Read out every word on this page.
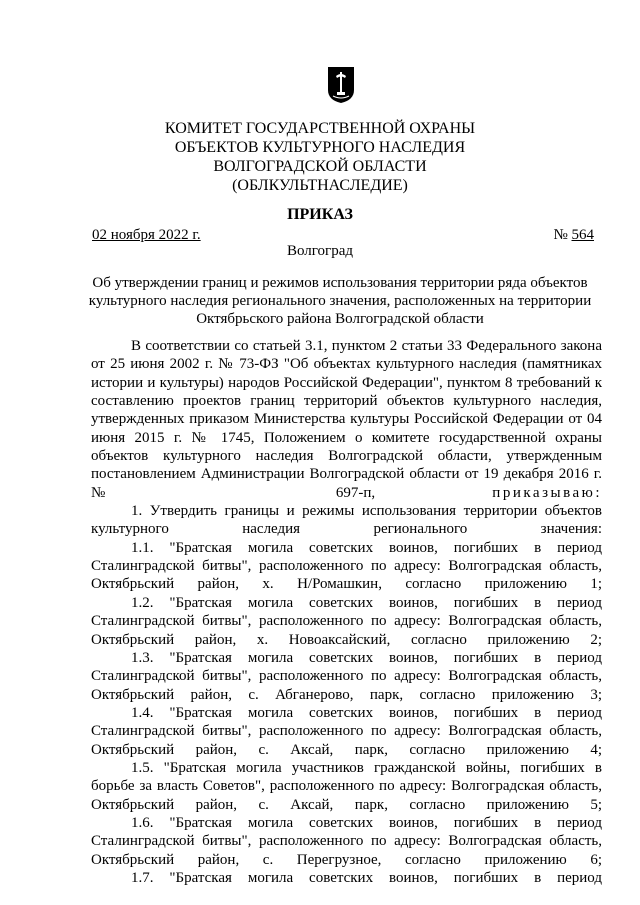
КОМИТЕТ ГОСУДАРСТВЕННОЙ ОХРАНЫ
ОБЪЕКТОВ КУЛЬТУРНОГО НАСЛЕДИЯ
ВОЛГОГРАДСКОЙ ОБЛАСТИ
(ОБЛКУЛЬТНАСЛЕДИЕ)
ПРИКАЗ
02 ноября 2022 г.	№ 564
Волгоград
Об утверждении границ и режимов использования территории ряда объектов культурного наследия регионального значения, расположенных на территории Октябрьского района Волгоградской области

В соответствии со статьей 3.1, пунктом 2 статьи 33 Федерального закона от 25 июня 2002 г. № 73-ФЗ "Об объектах культурного наследия (памятниках истории и культуры) народов Российской Федерации", пунктом 8 требований к составлению проектов границ территорий объектов культурного наследия, утвержденных приказом Министерства культуры Российской Федерации от 04 июня 2015 г. № 1745, Положением о комитете государственной охраны объектов культурного наследия Волгоградской области, утвержденным постановлением Администрации Волгоградской области от 19 декабря 2016 г. № 697-п, приказываю:

1. Утвердить границы и режимы использования территории объектов культурного наследия регионального значения:

1.1. "Братская могила советских воинов, погибших в период Сталинградской битвы", расположенного по адресу: Волгоградская область, Октябрьский район, х. Н/Ромашкин, согласно приложению 1;

1.2. "Братская могила советских воинов, погибших в период Сталинградской битвы", расположенного по адресу: Волгоградская область, Октябрьский район, х. Новоаксайский, согласно приложению 2;

1.3. "Братская могила советских воинов, погибших в период Сталинградской битвы", расположенного по адресу: Волгоградская область, Октябрьский район, с. Абганерово, парк, согласно приложению 3;

1.4. "Братская могила советских воинов, погибших в период Сталинградской битвы", расположенного по адресу: Волгоградская область, Октябрьский район, с. Аксай, парк, согласно приложению 4;

1.5. "Братская могила участников гражданской войны, погибших в борьбе за власть Советов", расположенного по адресу: Волгоградская область, Октябрьский район, с. Аксай, парк, согласно приложению 5;

1.6. "Братская могила советских воинов, погибших в период Сталинградской битвы", расположенного по адресу: Волгоградская область, Октябрьский район, с. Перегрузное, согласно приложению 6;

1.7. "Братская могила советских воинов, погибших в период
